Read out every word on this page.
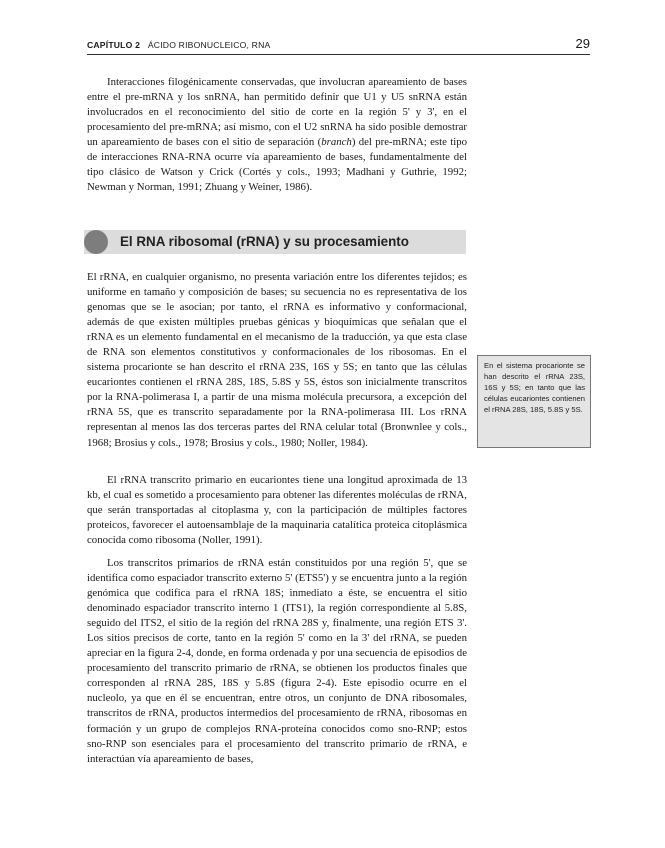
CAPÍTULO 2 ÁCIDO RIBONUCLEICO, RNA	29

Interacciones filogénicamente conservadas, que involucran apareamiento de bases entre el pre-mRNA y los snRNA, han permitido definir que U1 y U5 snRNA están involucrados en el reconocimiento del sitio de corte en la región 5' y 3', en el procesamiento del pre-mRNA; así mismo, con el U2 snRNA ha sido posible demostrar un apareamiento de bases con el sitio de separación (branch) del pre-mRNA; este tipo de interacciones RNA-RNA ocurre vía apareamiento de bases, fundamentalmente del tipo clásico de Watson y Crick (Cortés y cols., 1993; Madhani y Guthrie, 1992; Newman y Norman, 1991; Zhuang y Weiner, 1986).

El RNA ribosomal (rRNA) y su procesamiento

El rRNA, en cualquier organismo, no presenta variación entre los diferentes tejidos; es uniforme en tamaño y composición de bases; su secuencia no es representativa de los genomas que se le asocian; por tanto, el rRNA es informativo y conformacional, además de que existen múltiples pruebas génicas y bioquímicas que señalan que el rRNA es un elemento fundamental en el mecanismo de la traducción, ya que esta clase de RNA son elementos constitutivos y conformacionales de los ribosomas. En el sistema procarionte se han descrito el rRNA 23S, 16S y 5S; en tanto que las células eucariontes contienen el rRNA 28S, 18S, 5.8S y 5S, éstos son inicialmente transcritos por la RNA-polimerasa I, a partir de una misma molécula precursora, a excepción del rRNA 5S, que es transcrito separadamente por la RNA-polimerasa III. Los rRNA representan al menos las dos terceras partes del RNA celular total (Bronwnlee y cols., 1968; Brosius y cols., 1978; Brosius y cols., 1980; Noller, 1984).

El rRNA transcrito primario en eucariontes tiene una longitud aproximada de 13 kb, el cual es sometido a procesamiento para obtener las diferentes moléculas de rRNA, que serán transportadas al citoplasma y, con la participación de múltiples factores proteicos, favorecer el autoensamblaje de la maquinaria catalítica proteica citoplásmica conocida como ribosoma (Noller, 1991).

Los transcritos primarios de rRNA están constituidos por una región 5', que se identifica como espaciador transcrito externo 5' (ETS5') y se encuentra junto a la región genómica que codifica para el rRNA 18S; inmediato a éste, se encuentra el sitio denominado espaciador transcrito interno 1 (ITS1), la región correspondiente al 5.8S, seguido del ITS2, el sitio de la región del rRNA 28S y, finalmente, una región ETS 3'. Los sitios precisos de corte, tanto en la región 5' como en la 3' del rRNA, se pueden apreciar en la figura 2-4, donde, en forma ordenada y por una secuencia de episodios de procesamiento del transcrito primario de rRNA, se obtienen los productos finales que corresponden al rRNA 28S, 18S y 5.8S (figura 2-4). Este episodio ocurre en el nucleolo, ya que en él se encuentran, entre otros, un conjunto de DNA ribosomales, transcritos de rRNA, productos intermedios del procesamiento de rRNA, ribosomas en formación y un grupo de complejos RNA-proteína conocidos como sno-RNP; estos sno-RNP son esenciales para el procesamiento del transcrito primario de rRNA, e interactúan vía apareamiento de bases,

En el sistema procarionte se han descrito el rRNA 23S, 16S y 5S; en tanto que las células eucariontes contienen el rRNA 28S, 18S, 5.8S y 5S.
